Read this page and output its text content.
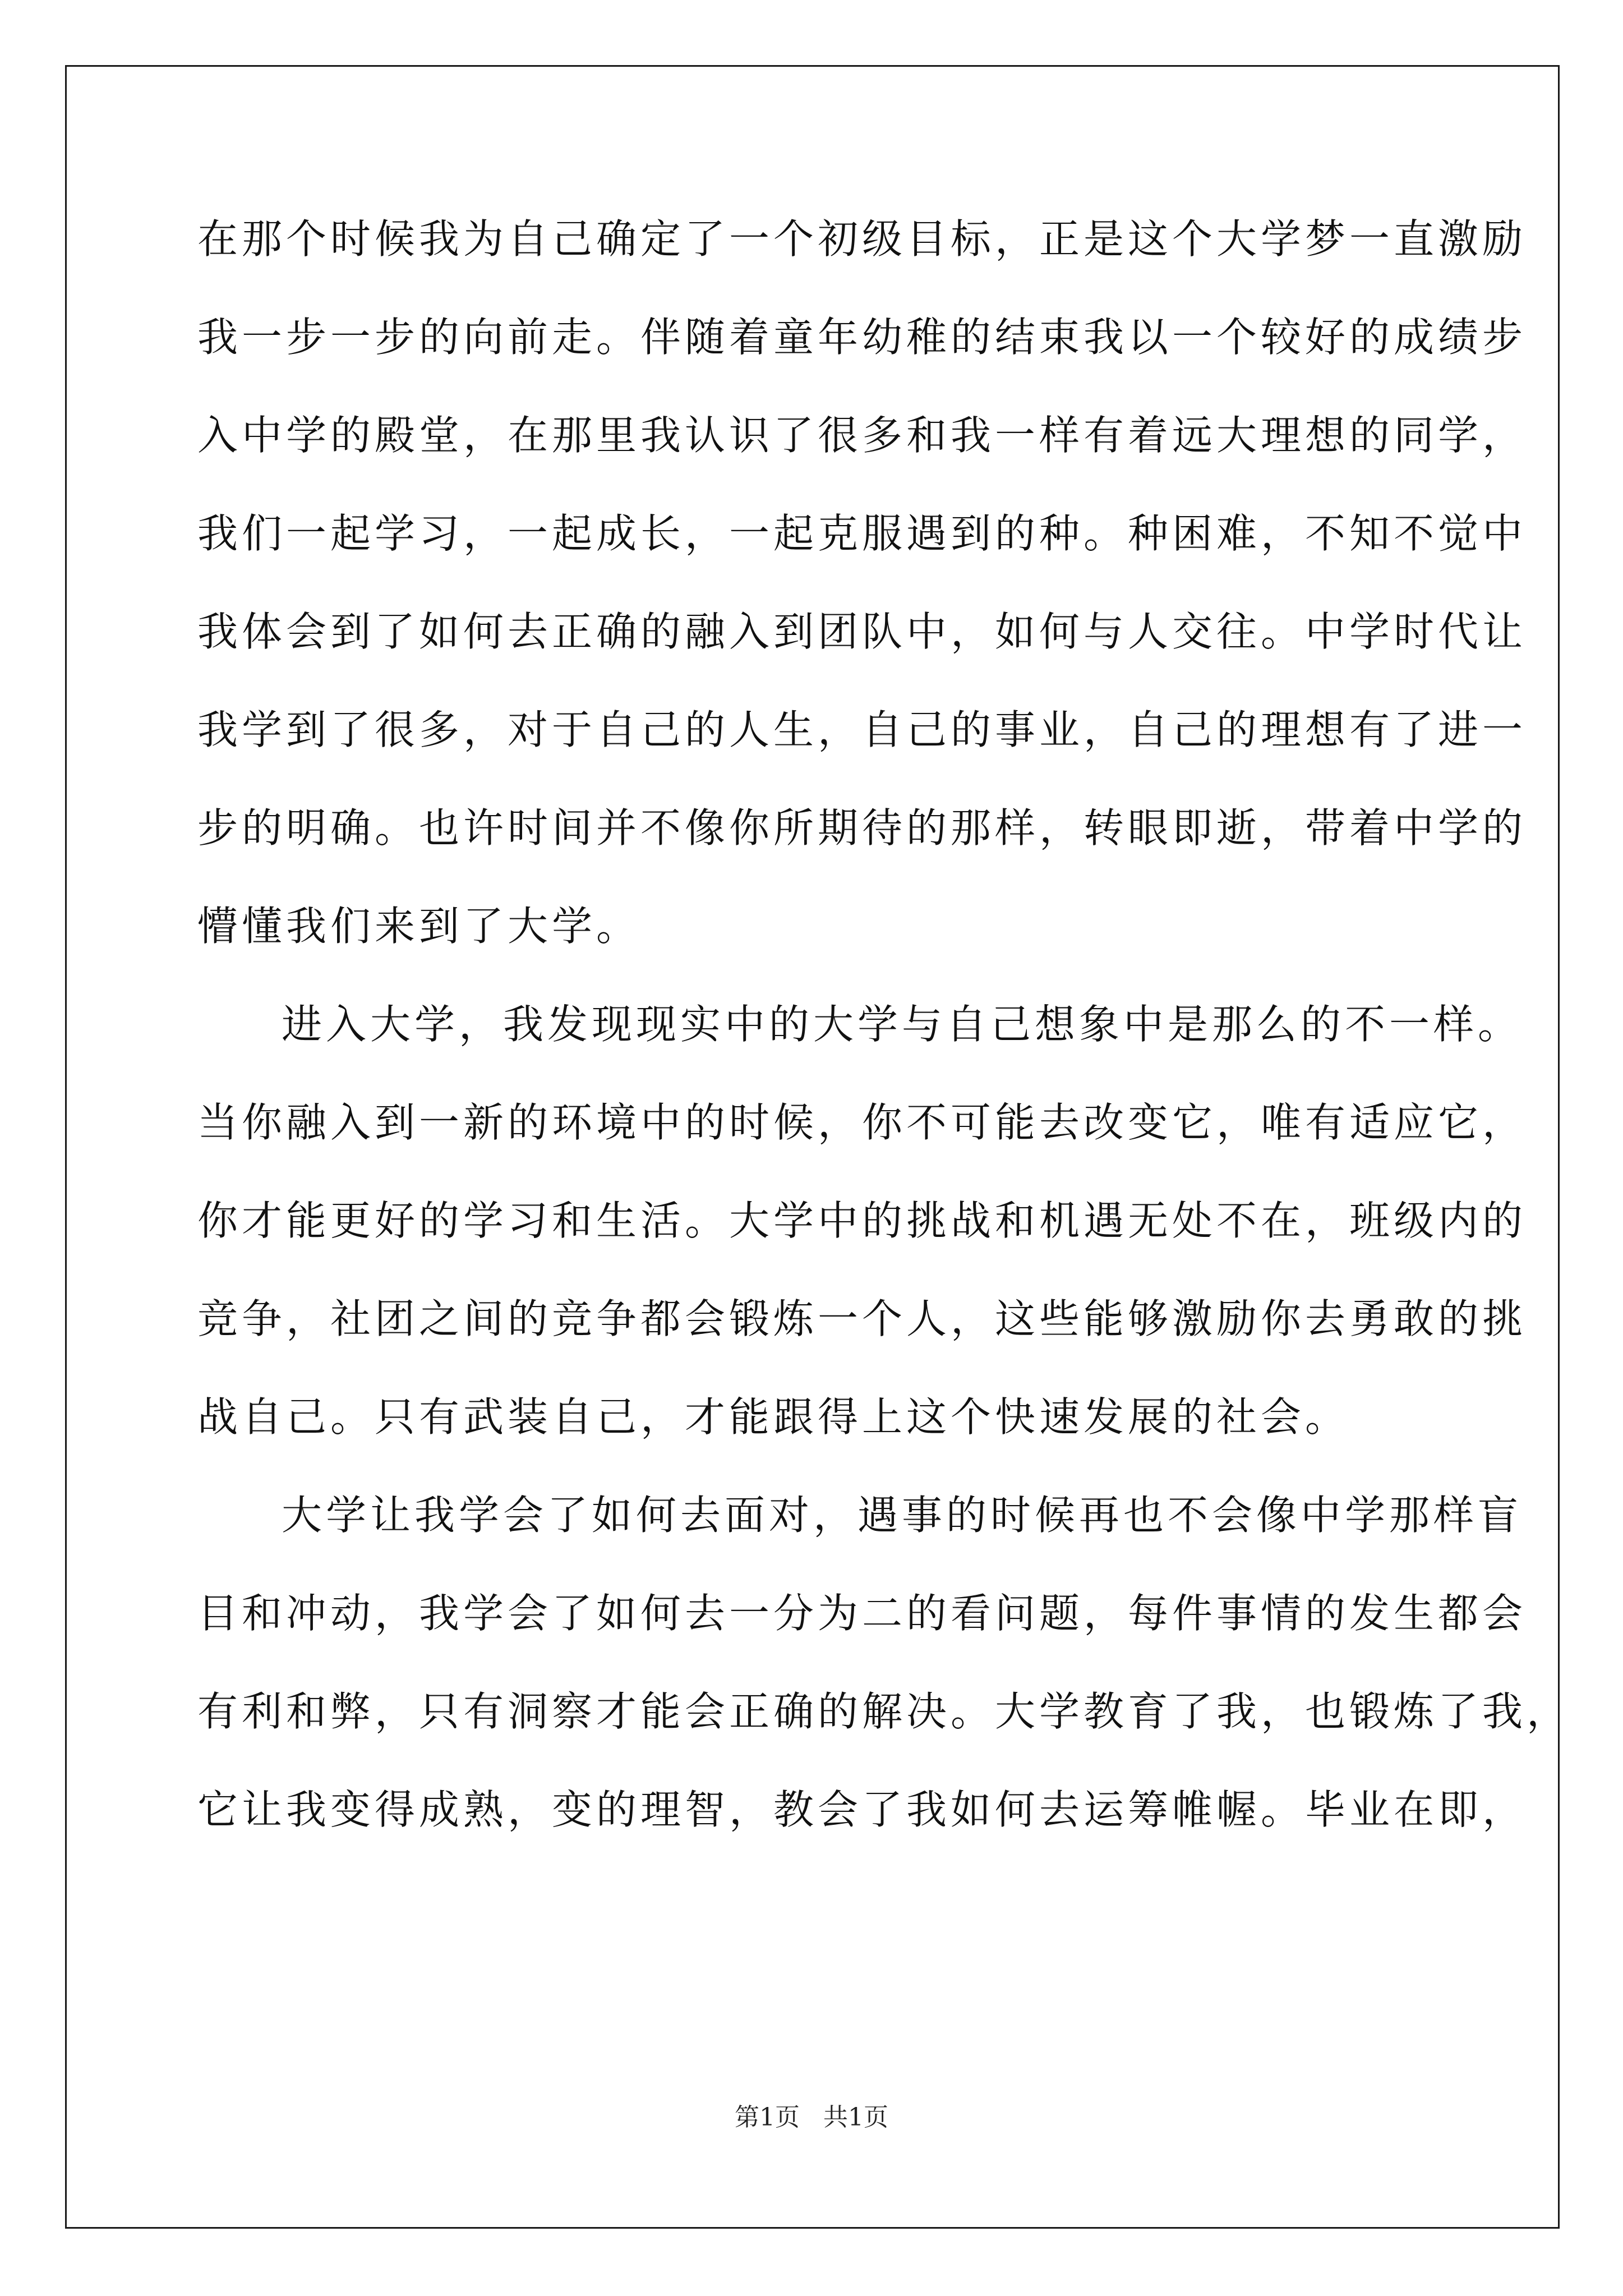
在那个时候我为自己确定了一个初级目标，正是这个大学梦一直激励
我一步一步的向前走。伴随着童年幼稚的结束我以一个较好的成绩步
入中学的殿堂，在那里我认识了很多和我一样有着远大理想的同学，
我们一起学习，一起成长，一起克服遇到的种。种困难，不知不觉中
我体会到了如何去正确的融入到团队中，如何与人交往。中学时代让
我学到了很多，对于自己的人生，自己的事业，自己的理想有了进一
步的明确。也许时间并不像你所期待的那样，转眼即逝，带着中学的
懵懂我们来到了大学。
进入大学，我发现现实中的大学与自己想象中是那么的不一样。
当你融入到一新的环境中的时候，你不可能去改变它，唯有适应它，
你才能更好的学习和生活。大学中的挑战和机遇无处不在，班级内的
竞争，社团之间的竞争都会锻炼一个人，这些能够激励你去勇敢的挑
战自己。只有武装自己，才能跟得上这个快速发展的社会。
大学让我学会了如何去面对，遇事的时候再也不会像中学那样盲
目和冲动，我学会了如何去一分为二的看问题，每件事情的发生都会
有利和弊，只有洞察才能会正确的解决。大学教育了我，也锻炼了我，
它让我变得成熟，变的理智，教会了我如何去运筹帷幄。毕业在即，
第1页   共1页
